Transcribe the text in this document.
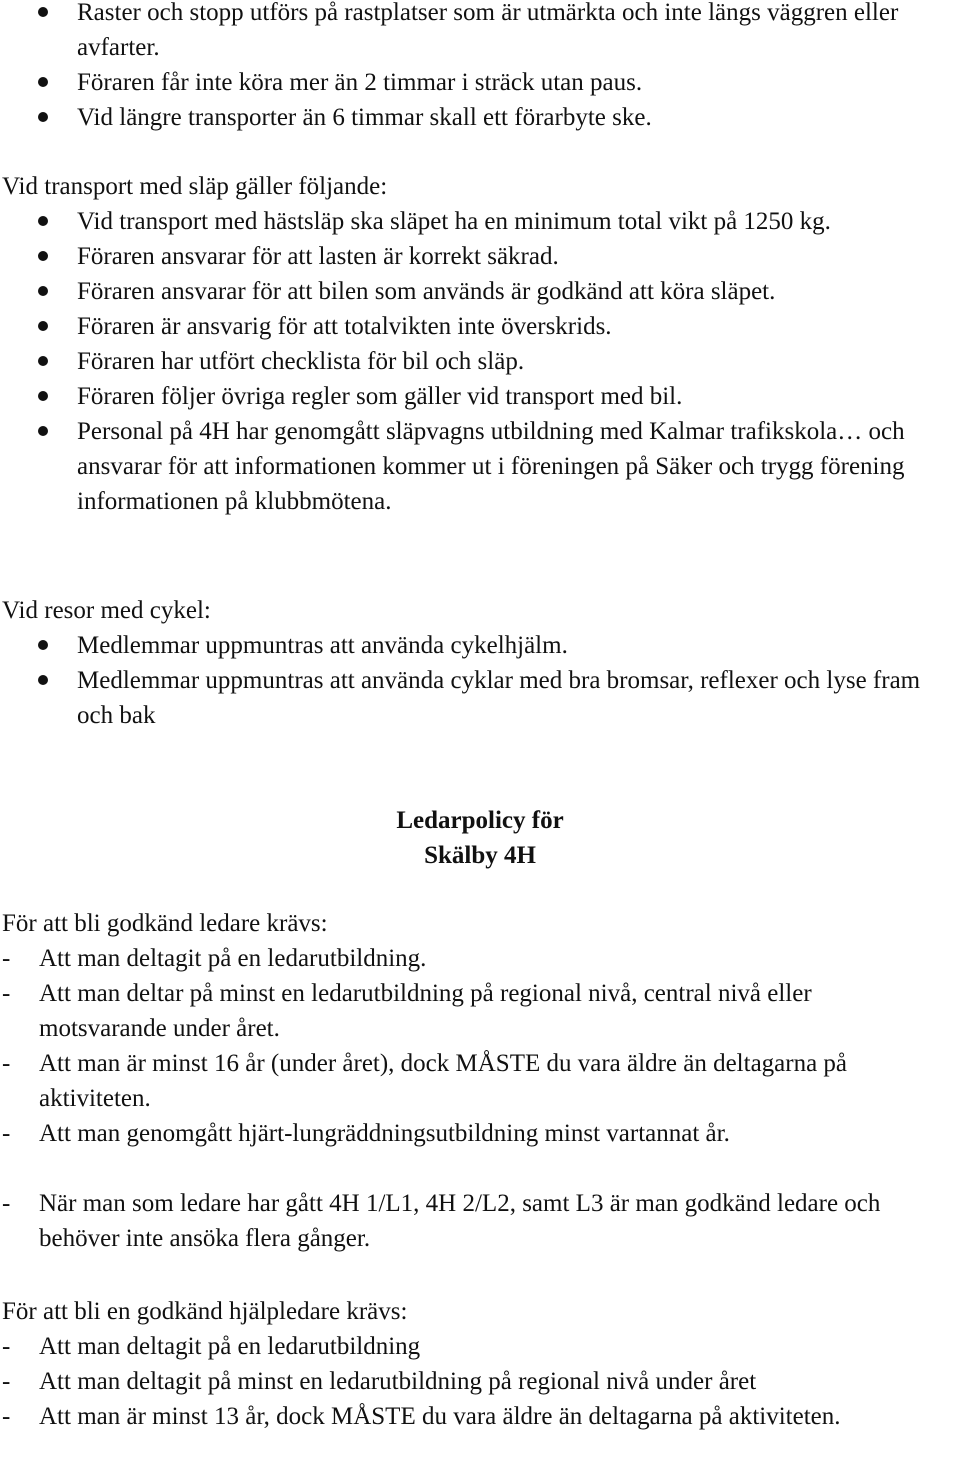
Raster och stopp utförs på rastplatser som är utmärkta och inte längs väggren eller avfarter.
Föraren får inte köra mer än 2 timmar i sträck utan paus.
Vid längre transporter än 6 timmar skall ett förarbyte ske.

Vid transport med släp gäller följande:

Vid transport med hästsläp ska släpet ha en minimum total vikt på 1250 kg.
Föraren ansvarar för att lasten är korrekt säkrad.
Föraren ansvarar för att bilen som används är godkänd att köra släpet.
Föraren är ansvarig för att totalvikten inte överskrids.
Föraren har utfört checklista för bil och släp.
Föraren följer övriga regler som gäller vid transport med bil.
Personal på 4H har genomgått släpvagns utbildning med Kalmar trafikskola… och ansvarar för att informationen kommer ut i föreningen på Säker och trygg förening informationen på klubbmötena.

Vid resor med cykel:

Medlemmar uppmuntras att använda cykelhjälm.
Medlemmar uppmuntras att använda cyklar med bra bromsar, reflexer och lyse fram och bak
Ledarpolicy för
Skälby 4H

För att bli godkänd ledare krävs:

- Att man deltagit på en ledarutbildning.
- Att man deltar på minst en ledarutbildning på regional nivå, central nivå eller motsvarande under året.
- Att man är minst 16 år (under året), dock MÅSTE du vara äldre än deltagarna på aktiviteten.
- Att man genomgått hjärt-lungräddningsutbildning minst vartannat år.
- När man som ledare har gått 4H 1/L1, 4H 2/L2, samt L3 är man godkänd ledare och behöver inte ansöka flera gånger.

För att bli en godkänd hjälpledare krävs:

- Att man deltagit på en ledarutbildning
- Att man deltagit på minst en ledarutbildning på regional nivå under året
- Att man är minst 13 år, dock MÅSTE du vara äldre än deltagarna på aktiviteten.
